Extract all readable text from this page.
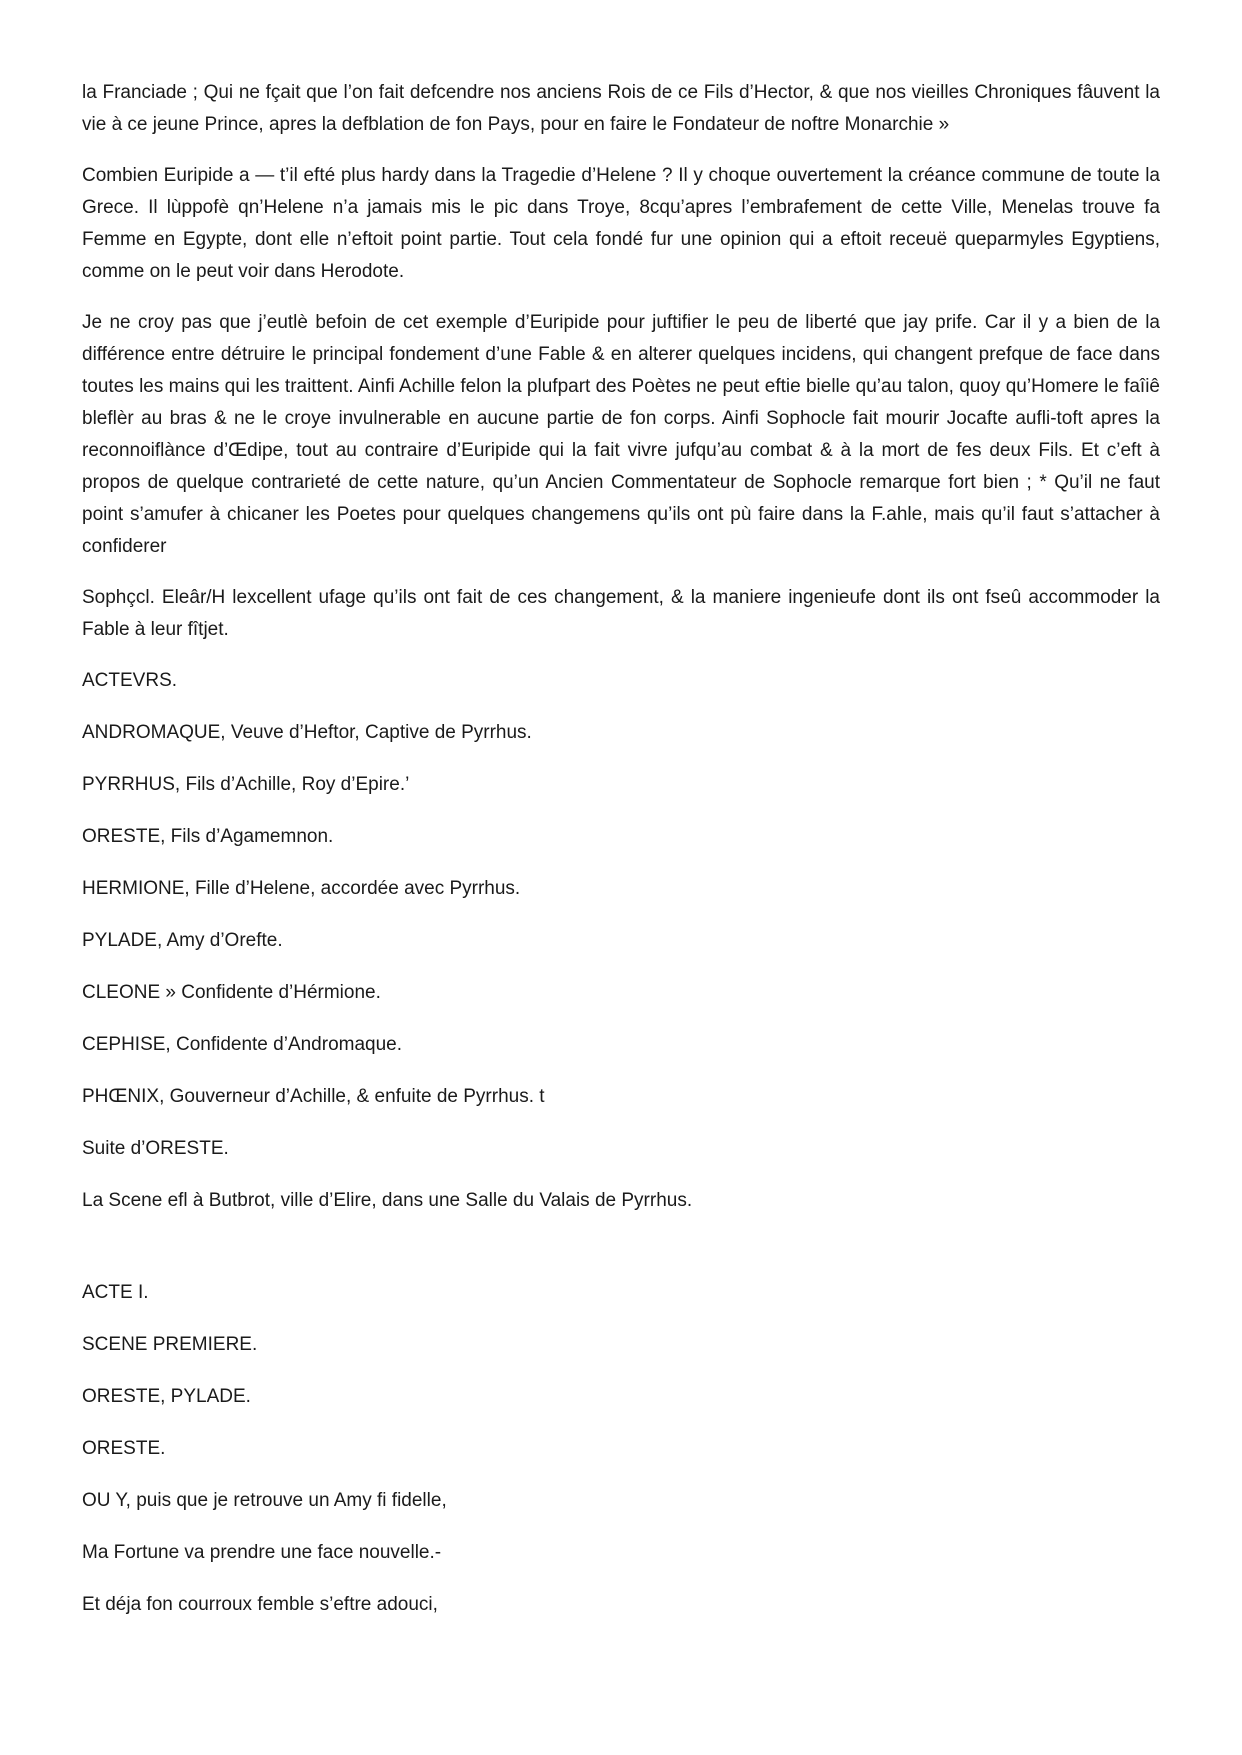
la Franciade ; Qui ne fçait que l’on fait defcendre nos anciens Rois de ce Fils d’Hector, & que nos vieilles Chroniques fâuvent la vie à ce jeune Prince, apres la defblation de fon Pays, pour en faire le Fondateur de noftre Monarchie »

Combien Euripide a — t’il efté plus hardy dans la Tragedie d’Helene ? Il y choque ouvertement la créance commune de toute la Grece. Il lùppofè qn’Helene n’a jamais mis le pic dans Troye, 8cqu’apres l’embrafement de cette Ville, Menelas trouve fa Femme en Egypte, dont elle n’eftoit point partie. Tout cela fondé fur une opinion qui a eftoit receuë queparmyles Egyptiens, comme on le peut voir dans Herodote.

Je ne croy pas que j’eutlè befoin de cet exemple d’Euripide pour juftifier le peu de liberté que jay prife. Car il y a bien de la différence entre détruire le principal fondement d’une Fable & en alterer quelques incidens, qui changent prefque de face dans toutes les mains qui les traittent. Ainfi Achille felon la plufpart des Poètes ne peut eftie bielle qu’au talon, quoy qu’Homere le faîiê bleflèr au bras & ne le croye invulnerable en aucune partie de fon corps. Ainfi Sophocle fait mourir Jocafte aufli-toft apres la reconnoiflànce d’Œdipe, tout au contraire d’Euripide qui la fait vivre jufqu’au combat & à la mort de fes deux Fils. Et c’eft à propos de quelque contrarieté de cette nature, qu’un Ancien Commentateur de Sophocle remarque fort bien ; * Qu’il ne faut point s’amufer à chicaner les Poetes pour quelques changemens qu’ils ont pù faire dans la F.ahle, mais qu’il faut s’attacher à confiderer

Sophçcl. Eleâr/H lexcellent ufage qu’ils ont fait de ces changement, & la maniere ingenieufe dont ils ont fseû accommoder la Fable à leur fîtjet.

ACTEVRS.
ANDROMAQUE, Veuve d’Heftor, Captive de Pyrrhus.
PYRRHUS, Fils d’Achille, Roy d’Epire.’
ORESTE, Fils d’Agamemnon.
HERMIONE, Fille d’Helene, accordée avec Pyrrhus.
PYLADE, Amy d’Orefte.
CLEONE » Confidente d’Hérmione.
CEPHISE, Confidente d’Andromaque.
PHŒNIX, Gouverneur d’Achille, & enfuite de Pyrrhus. t
Suite d’ORESTE.
La Scene efl à Butbrot, ville d’Elire, dans une Salle du Valais de Pyrrhus.
ACTE I.
SCENE PREMIERE.
ORESTE, PYLADE.
ORESTE.
OU Y, puis que je retrouve un Amy fi fidelle,
Ma Fortune va prendre une face nouvelle.-
Et déja fon courroux femble s’eftre adouci,
